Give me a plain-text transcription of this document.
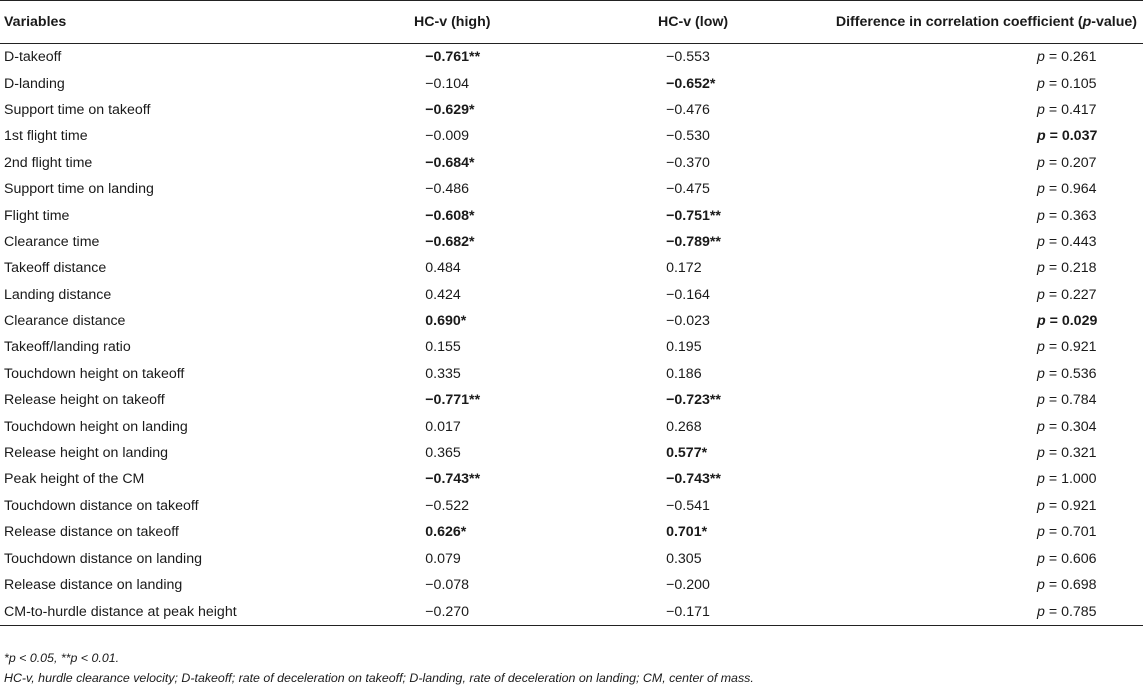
Variables	HC-v (high)	HC-v (low)	Difference in correlation coefficient (p-value)
D-takeoff	−0.761**	−0.553	p = 0.261
D-landing	−0.104	−0.652*	p = 0.105
Support time on takeoff	−0.629*	−0.476	p = 0.417
1st flight time	−0.009	−0.530	p = 0.037
2nd flight time	−0.684*	−0.370	p = 0.207
Support time on landing	−0.486	−0.475	p = 0.964
Flight time	−0.608*	−0.751**	p = 0.363
Clearance time	−0.682*	−0.789**	p = 0.443
Takeoff distance	0.484	0.172	p = 0.218
Landing distance	0.424	−0.164	p = 0.227
Clearance distance	0.690*	−0.023	p = 0.029
Takeoff/landing ratio	0.155	0.195	p = 0.921
Touchdown height on takeoff	0.335	0.186	p = 0.536
Release height on takeoff	−0.771**	−0.723**	p = 0.784
Touchdown height on landing	0.017	0.268	p = 0.304
Release height on landing	0.365	0.577*	p = 0.321
Peak height of the CM	−0.743**	−0.743**	p = 1.000
Touchdown distance on takeoff	−0.522	−0.541	p = 0.921
Release distance on takeoff	0.626*	0.701*	p = 0.701
Touchdown distance on landing	0.079	0.305	p = 0.606
Release distance on landing	−0.078	−0.200	p = 0.698
CM-to-hurdle distance at peak height	−0.270	−0.171	p = 0.785
*p < 0.05, **p < 0.01.
HC-v, hurdle clearance velocity; D-takeoff; rate of deceleration on takeoff; D-landing, rate of deceleration on landing; CM, center of mass.
